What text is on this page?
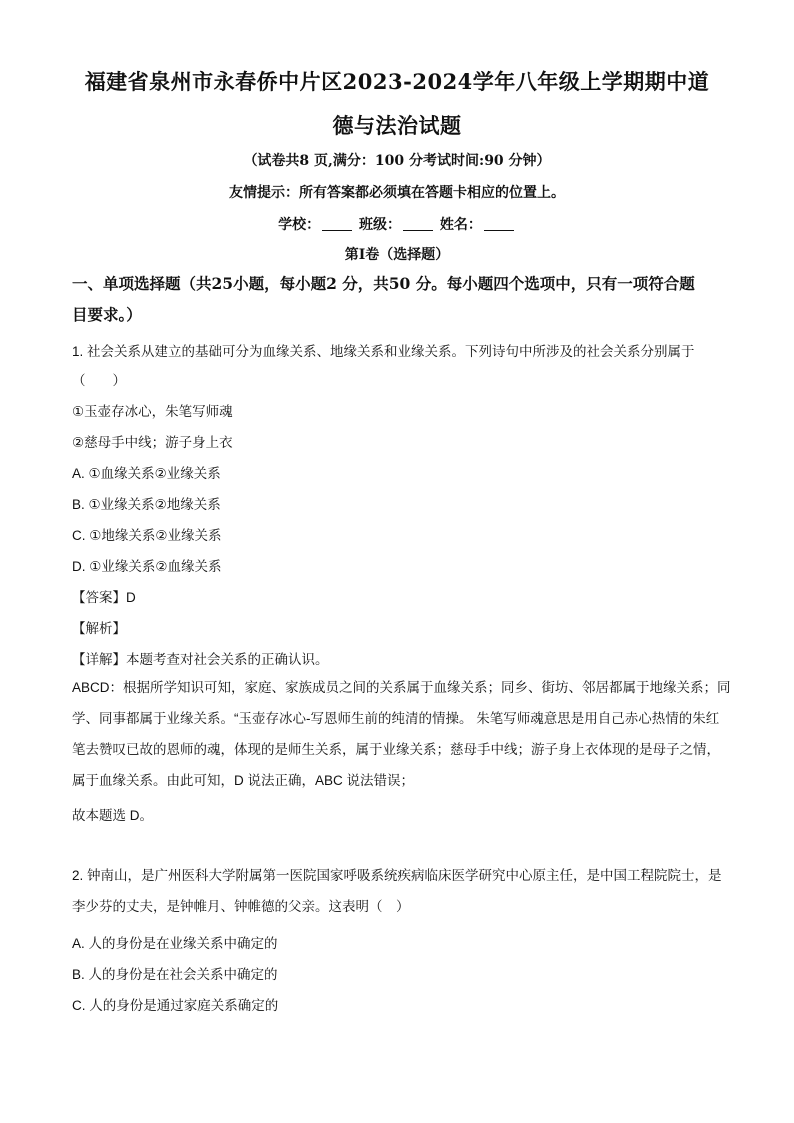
福建省泉州市永春侨中片区2023-2024学年八年级上学期期中道
德与法治试题
（试卷共8 页,满分：100 分考试时间:90 分钟）
友情提示：所有答案都必须填在答题卡相应的位置上。
学校：	班级：	姓名：
第I卷（选择题）
一、单项选择题（共25小题，每小题2 分，共50 分。每小题四个选项中，只有一项符合题
目要求。）
1. 社会关系从建立的基础可分为血缘关系、地缘关系和业缘关系。下列诗句中所涉及的社会关系分别属于
（　　）
①玉壶存冰心，朱笔写师魂
②慈母手中线；游子身上衣
A. ①血缘关系②业缘关系
B. ①业缘关系②地缘关系
C. ①地缘关系②业缘关系
D. ①业缘关系②血缘关系
【答案】D
【解析】
【详解】本题考查对社会关系的正确认识。
ABCD：根据所学知识可知，家庭、家族成员之间的关系属于血缘关系；同乡、街坊、邻居都属于地缘关系；同学、同事都属于业缘关系。“玉壶存冰心-写恩师生前的纯清的情操。 朱笔写师魂意思是用自己赤心热情的朱红笔去赞叹已故的恩师的魂，体现的是师生关系，属于业缘关系；慈母手中线；游子身上衣体现的是母子之情，属于血缘关系。由此可知，D 说法正确，ABC 说法错误；
故本题选 D。
2. 钟南山，是广州医科大学附属第一医院国家呼吸系统疾病临床医学研究中心原主任，是中国工程院院士，是李少芬的丈夫，是钟帷月、钟帷德的父亲。这表明（　）
A. 人的身份是在业缘关系中确定的
B. 人的身份是在社会关系中确定的
C. 人的身份是通过家庭关系确定的
